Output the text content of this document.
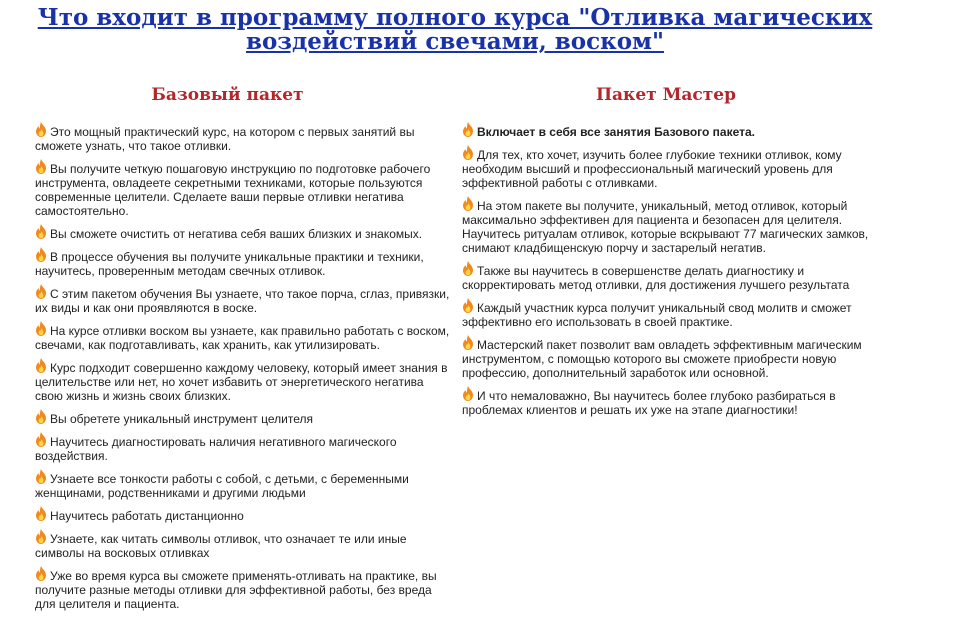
Что входит в программу полного курса "Отливка магических воздействий свечами, воском"
Базовый пакет
Это мощный практический курс, на котором с первых занятий вы сможете узнать, что такое отливки.
Вы получите четкую пошаговую инструкцию по подготовке рабочего инструмента, овладеете секретными техниками, которые пользуются современные целители. Сделаете ваши первые отливки негатива самостоятельно.
Вы сможете очистить от негатива себя ваших близких и знакомых.
В процессе обучения вы получите уникальные практики и техники, научитесь, проверенным методам свечных отливок.
С этим пакетом обучения Вы узнаете, что такое порча, сглаз, привязки, их виды и как они проявляются в воске.
На курсе отливки воском вы узнаете, как правильно работать с воском, свечами, как подготавливать, как хранить, как утилизировать.
Курс подходит совершенно каждому человеку, который имеет знания в целительстве или нет, но хочет избавить от энергетического негатива свою жизнь и жизнь своих близких.
Вы обретете уникальный инструмент целителя
Научитесь диагностировать наличия негативного магического воздействия.
Узнаете все тонкости работы с собой, с детьми, с беременными женщинами, родственниками и другими людьми
Научитесь работать дистанционно
Узнаете, как читать символы отливок, что означает те или иные символы на восковых отливках
Уже во время курса вы сможете применять-отливать на практике, вы получите разные методы отливки для эффективной работы, без вреда для целителя и пациента.
Пакет Мастер
Включает в себя все занятия Базового пакета.
Для тех, кто хочет, изучить более глубокие техники отливок, кому необходим высший и профессиональный магический уровень для эффективной работы с отливками.
На этом пакете вы получите, уникальный, метод отливок, который максимально эффективен для пациента и безопасен для целителя. Научитесь ритуалам отливок, которые вскрывают 77 магических замков, снимают кладбищенскую порчу и застарелый негатив.
Также вы научитесь в совершенстве делать диагностику и скорректировать метод отливки, для достижения лучшего результата
Каждый участник курса получит уникальный свод молитв и сможет эффективно его использовать в своей практике.
Мастерский пакет позволит вам овладеть эффективным магическим инструментом, с помощью которого вы сможете приобрести новую профессию, дополнительный заработок или основной.
И что немаловажно, Вы научитесь более глубоко разбираться в проблемах клиентов и решать их уже на этапе диагностики!
